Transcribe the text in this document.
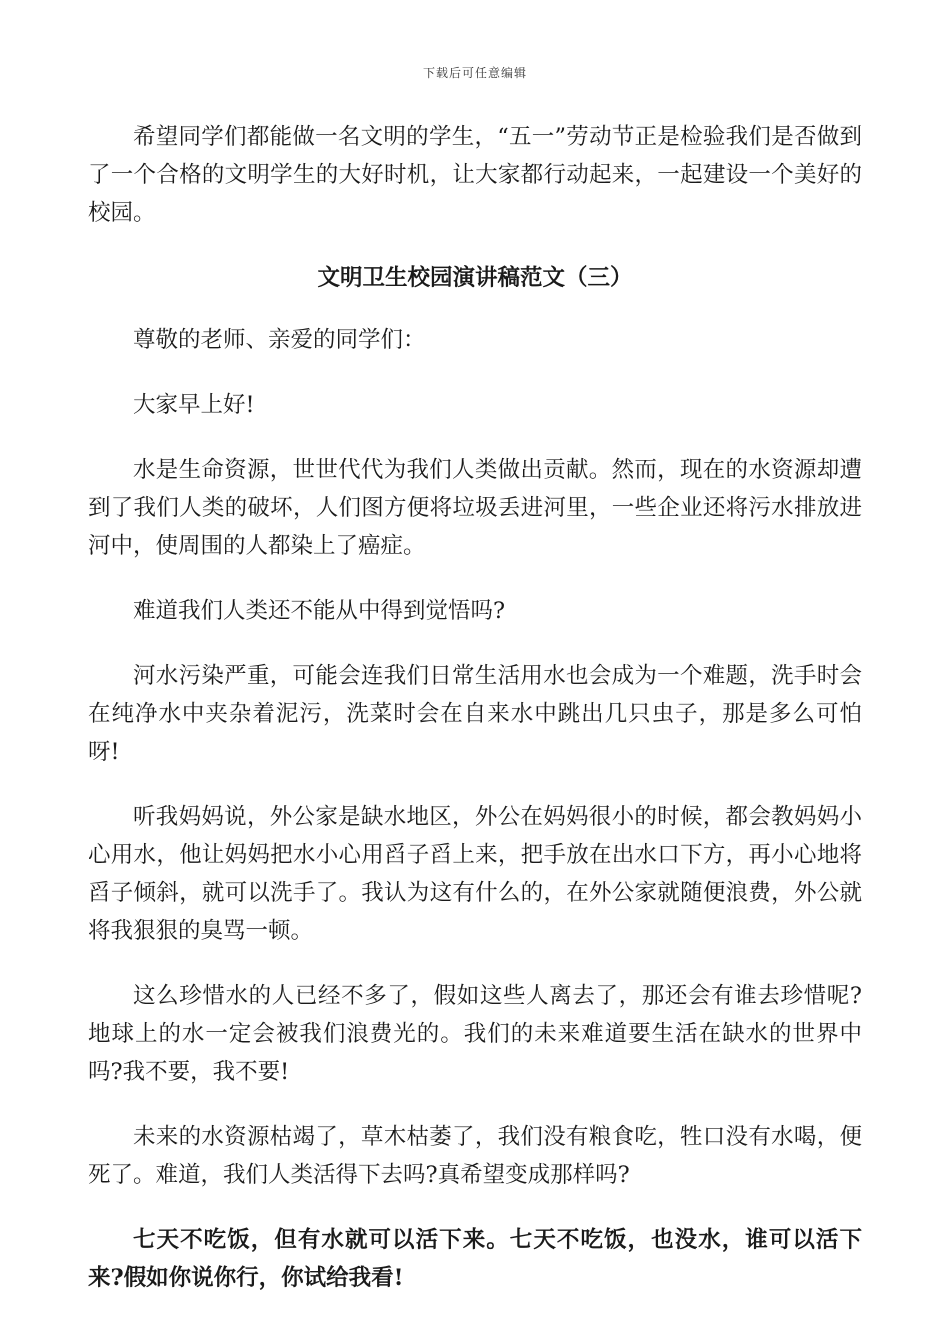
下载后可任意编辑

希望同学们都能做一名文明的学生，“五一”劳动节正是检验我们是否做到了一个合格的文明学生的大好时机，让大家都行动起来，一起建设一个美好的校园。

文明卫生校园演讲稿范文（三）

尊敬的老师、亲爱的同学们：

大家早上好!

水是生命资源，世世代代为我们人类做出贡献。然而，现在的水资源却遭到了我们人类的破坏，人们图方便将垃圾丢进河里，一些企业还将污水排放进河中，使周围的人都染上了癌症。

难道我们人类还不能从中得到觉悟吗?

河水污染严重，可能会连我们日常生活用水也会成为一个难题，洗手时会在纯净水中夹杂着泥污，洗菜时会在自来水中跳出几只虫子，那是多么可怕呀!

听我妈妈说，外公家是缺水地区，外公在妈妈很小的时候，都会教妈妈小心用水，他让妈妈把水小心用舀子舀上来，把手放在出水口下方，再小心地将舀子倾斜，就可以洗手了。我认为这有什么的，在外公家就随便浪费，外公就将我狠狠的臭骂一顿。

这么珍惜水的人已经不多了，假如这些人离去了，那还会有谁去珍惜呢?地球上的水一定会被我们浪费光的。我们的未来难道要生活在缺水的世界中吗?我不要，我不要!

未来的水资源枯竭了，草木枯萎了，我们没有粮食吃，牲口没有水喝，便死了。难道，我们人类活得下去吗?真希望变成那样吗?

七天不吃饭，但有水就可以活下来。七天不吃饭，也没水，谁可以活下来?假如你说你行，你试给我看!
